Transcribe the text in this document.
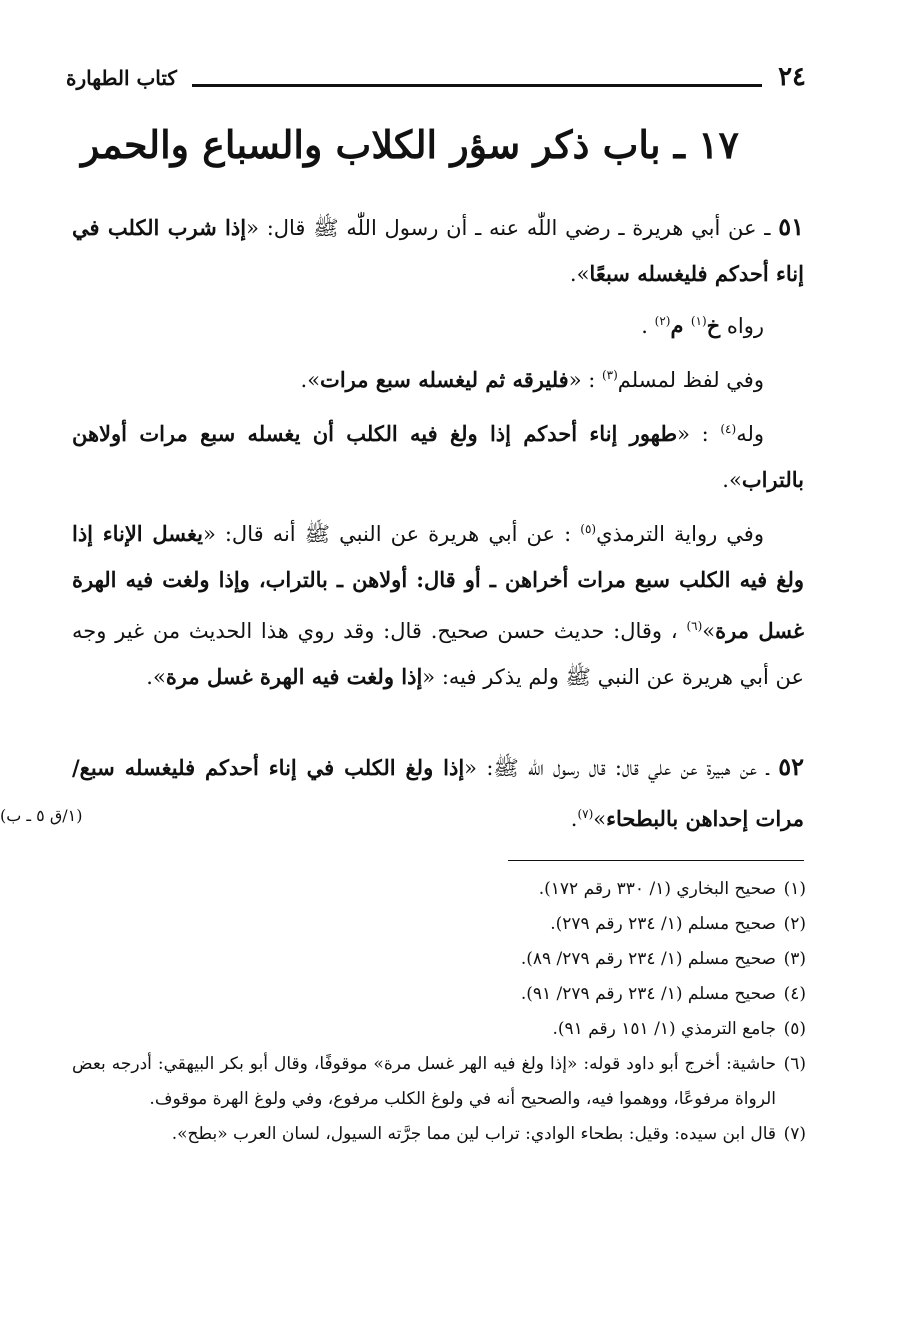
٢٤
كتاب الطهارة
١٧ ـ باب ذكر سؤر الكلاب والسباع والحمر

٥١ ـ عن أبي هريرة ـ رضي اللّٰه عنه ـ أن رسول اللّٰه ﷺ قال: «إذا شرب الكلب في إناء أحدكم فليغسله سبعًا».

رواه خ$^{(١)}$ م$^{(٢)}$ .

وفي لفظ لمسلم$^{(٣)}$ : «فليرقه ثم ليغسله سبع مرات».

وله$^{(٤)}$ : «طهور إناء أحدكم إذا ولغ فيه الكلب أن يغسله سبع مرات أولاهن بالتراب».

وفي رواية الترمذي$^{(٥)}$ : عن أبي هريرة عن النبي ﷺ أنه قال: «يغسل الإناء إذا ولغ فيه الكلب سبع مرات أخراهن ـ أو قال: أولاهن ـ بالتراب، وإذا ولغت فيه الهرة غسل مرة»$^{(٦)}$ ، وقال: حديث حسن صحيح. قال: وقد روي هذا الحديث من غير وجه عن أبي هريرة عن النبي ﷺ ولم يذكر فيه: «إذا ولغت فيه الهرة غسل مرة».

٥٢ ـ عن هبيرة عن علي قال: قال رسول اللّٰه ﷺ: «إذا ولغ الكلب في إناء أحدكم فليغسله سبع/ مرات إحداهن بالبطحاء»$^{(٧)}$.

(١/ق ٥ ـ ب)
(١)
صحيح البخاري (١/ ٣٣٠ رقم ١٧٢).
(٢)
صحيح مسلم (١/ ٢٣٤ رقم ٢٧٩).
(٣)
صحيح مسلم (١/ ٢٣٤ رقم ٢٧٩/ ٨٩).
(٤)
صحيح مسلم (١/ ٢٣٤ رقم ٢٧٩/ ٩١).
(٥)
جامع الترمذي (١/ ١٥١ رقم ٩١).
(٦)
حاشية: أخرج أبو داود قوله: «إذا ولغ فيه الهر غسل مرة» موقوفًا، وقال أبو بكر البيهقي: أدرجه بعض الرواة مرفوعًا، ووهموا فيه، والصحيح أنه في ولوغ الكلب مرفوع، وفي ولوغ الهرة موقوف.
(٧)
قال ابن سيده: وقيل: بطحاء الوادي: تراب لين مما جرَّته السيول، لسان العرب «بطح».
